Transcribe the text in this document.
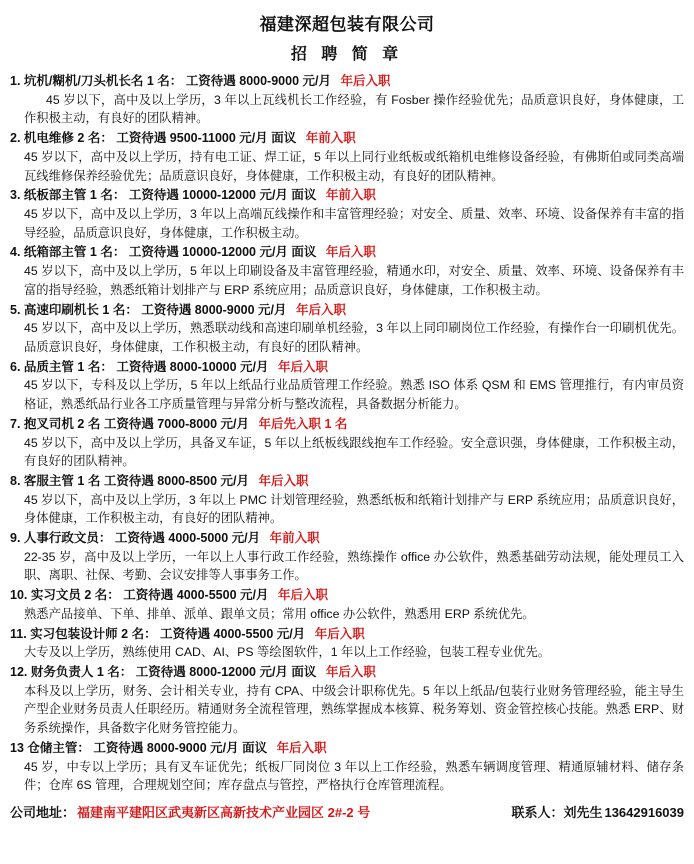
福建深超包装有限公司
招 聘 简 章
1. 坑机/糊机/刀头机长名 1 名： 工资待遇 8000-9000 元/月 年后入职
45 岁以下，高中及以上学历，3 年以上瓦线机长工作经验，有 Fosber 操作经验优先；品质意识良好，身体健康，工作积极主动，有良好的团队精神。
2. 机电维修 2 名： 工资待遇 9500-11000 元/月 面议 年前入职
45 岁以下，高中及以上学历，持有电工证、焊工证，5 年以上同行业纸板或纸箱机电维修设备经验，有佛斯伯或同类高端瓦线维修保养经验优先；品质意识良好，身体健康，工作积极主动，有良好的团队精神。
3. 纸板部主管 1 名： 工资待遇 10000-12000 元/月 面议 年前入职
45 岁以下，高中及以上学历，3 年以上高端瓦线操作和丰富管理经验；对安全、质量、效率、环境、设备保养有丰富的指导经验，品质意识良好，身体健康，工作积极主动。
4. 纸箱部主管 1 名： 工资待遇 10000-12000 元/月 面议 年后入职
45 岁以下，高中及以上学历，5 年以上印刷设备及丰富管理经验，精通水印，对安全、质量、效率、环境、设备保养有丰富的指导经验，熟悉纸箱计划排产与 ERP 系统应用；品质意识良好，身体健康，工作积极主动。
5. 高速印刷机长 1 名： 工资待遇 8000-9000 元/月 年后入职
45 岁以下，高中及以上学历，熟悉联动线和高速印刷单机经验，3 年以上同印刷岗位工作经验，有操作台一印刷机优先。品质意识良好，身体健康，工作积极主动，有良好的团队精神。
6. 品质主管 1 名： 工资待遇 8000-10000 元/月 年后入职
45 岁以下，专科及以上学历，5 年以上纸品行业品质管理工作经验。熟悉 ISO 体系 QSM 和 EMS 管理推行，有内审员资格证，熟悉纸品行业各工序质量管理与异常分析与整改流程，具备数据分析能力。
7. 抱叉司机 2 名 工资待遇 7000-8000 元/月 年后先入职 1 名
45 岁以下，高中及以上学历，具备叉车证，5 年以上纸板线跟线抱车工作经验。安全意识强，身体健康，工作积极主动，有良好的团队精神。
8. 客服主管 1 名 工资待遇 8000-8500 元/月 年后入职
45 岁以下，高中及以上学历，3 年以上 PMC 计划管理经验，熟悉纸板和纸箱计划排产与 ERP 系统应用；品质意识良好，身体健康，工作积极主动，有良好的团队精神。
9. 人事行政文员： 工资待遇 4000-5000 元/月 年前入职
22-35 岁，高中及以上学历，一年以上人事行政工作经验，熟练操作 office 办公软件，熟悉基础劳动法规，能处理员工入职、离职、社保、考勤、会议安排等人事事务工作。
10. 实习文员 2 名： 工资待遇 4000-5500 元/月 年后入职
熟悉产品接单、下单、排单、派单、跟单文员；常用 office 办公软件，熟悉用 ERP 系统优先。
11. 实习包装设计师 2 名： 工资待遇 4000-5500 元/月 年后入职
大专及以上学历，熟练使用 CAD、AI、PS 等绘图软件，1 年以上工作经验，包装工程专业优先。
12. 财务负责人 1 名： 工资待遇 8000-12000 元/月 面议 年后入职
本科及以上学历，财务、会计相关专业，持有 CPA、中级会计职称优先。5 年以上纸品/包装行业财务管理经验，能主导生产型企业财务员责人任职经历。精通财务全流程管理，熟练掌握成本核算、税务筹划、资金管控核心技能。熟悉 ERP、财务系统操作，具备数字化财务管控能力。
13 仓储主管： 工资待遇 8000-9000 元/月 面议 年后入职
45 岁，中专以上学历；具有叉车证优先；纸板厂同岗位 3 年以上工作经验，熟悉车辆调度管理、精通原辅材料、储存条件；仓库 6S 管理，合理规划空间；库存盘点与管控，严格执行仓库管理流程。
公司地址： 福建南平建阳区武夷新区高新技术产业园区 2#-2 号	联系人：刘先生 13642916039
